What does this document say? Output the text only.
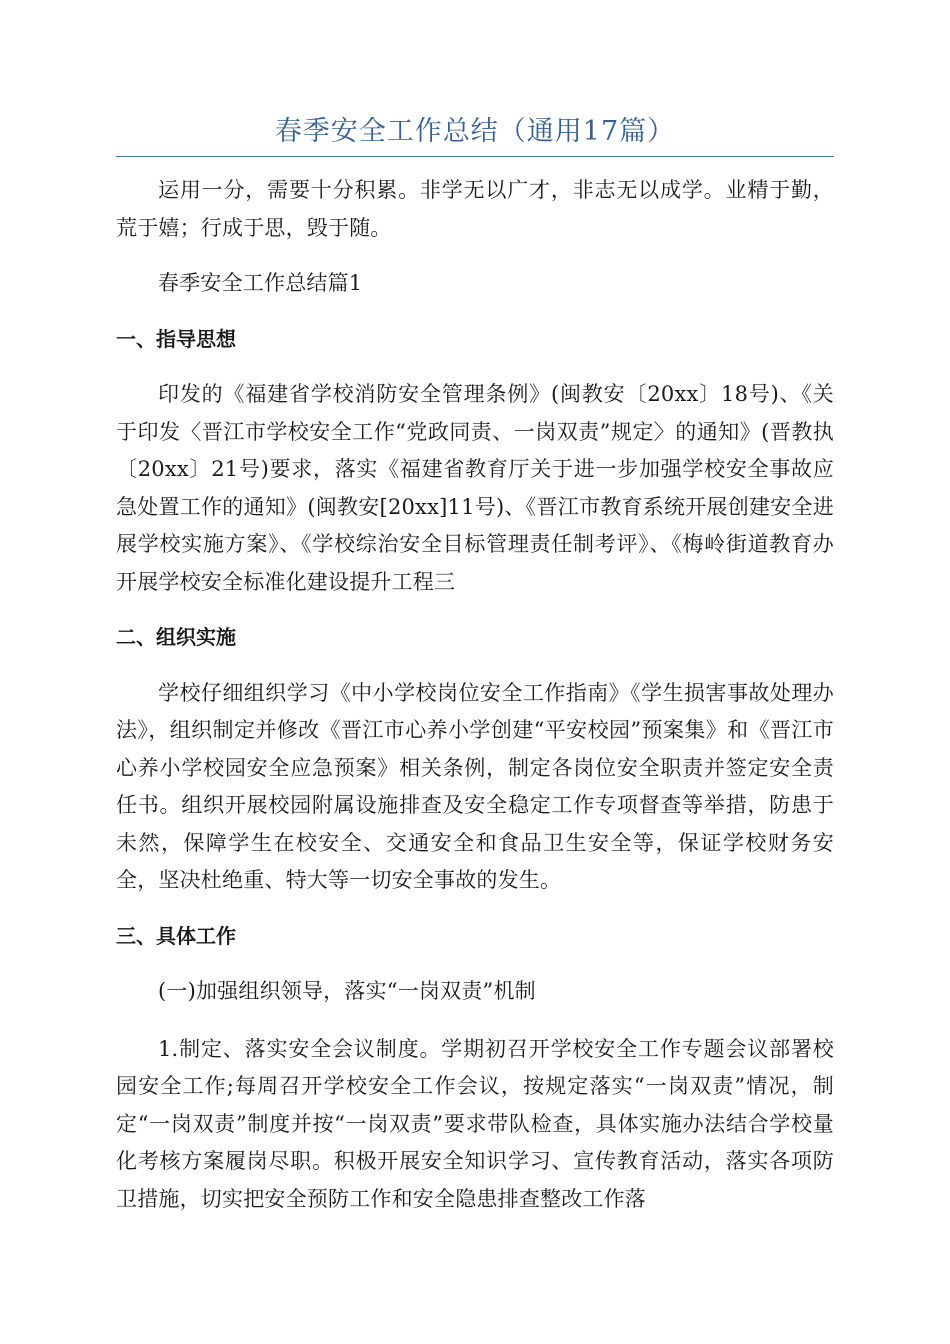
春季安全工作总结（通用17篇）

运用一分，需要十分积累。非学无以广才，非志无以成学。业精于勤，荒于嬉；行成于思，毁于随。

春季安全工作总结篇1

一、指导思想

印发的《福建省学校消防安全管理条例》(闽教安〔20xx〕18号)、《关于印发〈晋江市学校安全工作“党政同责、一岗双责”规定〉的通知》(晋教执〔20xx〕21号)要求，落实《福建省教育厅关于进一步加强学校安全事故应急处置工作的通知》(闽教安[20xx]11号)、《晋江市教育系统开展创建安全进展学校实施方案》、《学校综治安全目标管理责任制考评》、《梅岭街道教育办开展学校安全标准化建设提升工程三

二、组织实施

学校仔细组织学习《中小学校岗位安全工作指南》《学生损害事故处理办法》，组织制定并修改《晋江市心养小学创建“平安校园”预案集》和《晋江市心养小学校园安全应急预案》相关条例，制定各岗位安全职责并签定安全责任书。组织开展校园附属设施排查及安全稳定工作专项督查等举措，防患于未然，保障学生在校安全、交通安全和食品卫生安全等，保证学校财务安全，坚决杜绝重、特大等一切安全事故的发生。

三、具体工作

(一)加强组织领导，落实“一岗双责”机制

1.制定、落实安全会议制度。学期初召开学校安全工作专题会议部署校园安全工作;每周召开学校安全工作会议，按规定落实“一岗双责”情况，制定“一岗双责”制度并按“一岗双责”要求带队检查，具体实施办法结合学校量化考核方案履岗尽职。积极开展安全知识学习、宣传教育活动，落实各项防卫措施，切实把安全预防工作和安全隐患排查整改工作落
